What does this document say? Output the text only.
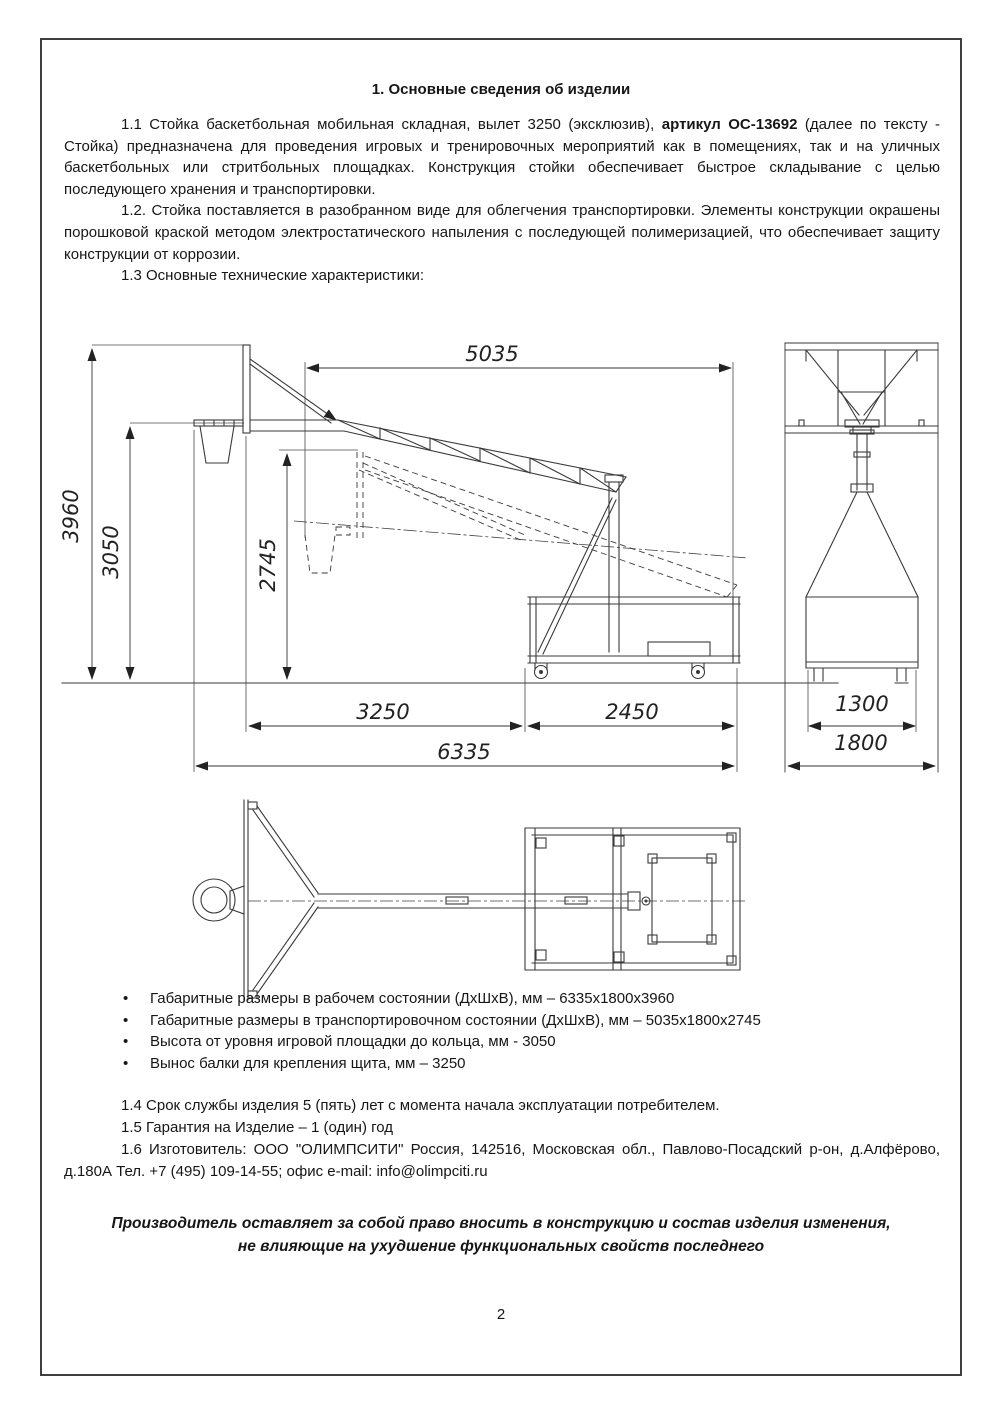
1. Основные сведения об изделии

1.1 Стойка баскетбольная мобильная складная, вылет 3250 (эксклюзив), артикул ОС-13692 (далее по тексту - Стойка) предназначена для проведения игровых и тренировочных мероприятий как в помещениях, так и на уличных баскетбольных или стритбольных площадках. Конструкция стойки обеспечивает быстрое складывание с целью последующего хранения и транспортировки.

1.2. Стойка поставляется в разобранном виде для облегчения транспортировки. Элементы конструкции окрашены порошковой краской методом электростатического напыления с последующей полимеризацией, что обеспечивает защиту конструкции от коррозии.

1.3 Основные технические характеристики:

5035
3960
3050	2745
3250	2450
6335
1300
1800
• Габаритные размеры в рабочем состоянии (ДхШхВ), мм – 6335х1800х3960
• Габаритные размеры в транспортировочном состоянии (ДхШхВ), мм – 5035х1800х2745
• Высота от уровня игровой площадки до кольца, мм - 3050
• Вынос балки для крепления щита, мм – 3250

1.4 Срок службы изделия 5 (пять) лет с момента начала эксплуатации потребителем.

1.5 Гарантия на Изделие – 1 (один) год

1.6 Изготовитель: ООО "ОЛИМПСИТИ" Россия, 142516, Московская обл., Павлово-Посадский р-он, д.Алфёрово, д.180А Тел. +7 (495) 109-14-55; офис e-mail: info@olimpciti.ru

Производитель оставляет за собой право вносить в конструкцию и состав изделия изменения,
не влияющие на ухудшение функциональных свойств последнего
2
